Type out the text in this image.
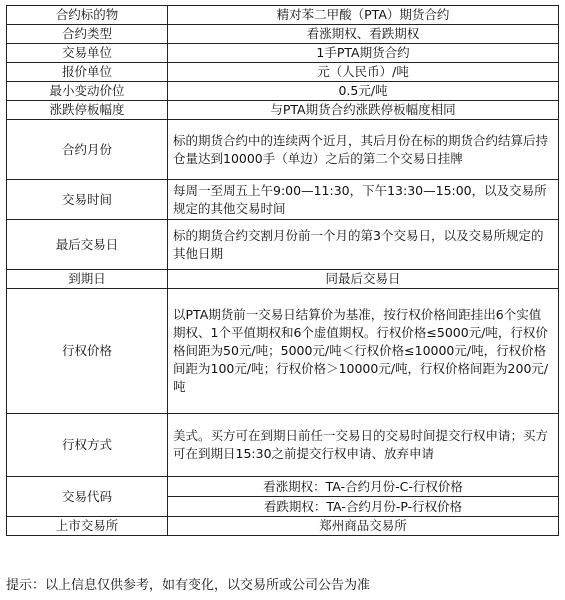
合约标的物	精对苯二甲酸（PTA）期货合约
合约类型	看涨期权、看跌期权
交易单位	1手PTA期货合约
报价单位	元（人民币）/吨
最小变动价位	0.5元/吨
涨跌停板幅度	与PTA期货合约涨跌停板幅度相同
合约月份	标的期货合约中的连续两个近月，其后月份在标的期货合约结算后持仓量达到10000手（单边）之后的第二个交易日挂牌
交易时间	每周一至周五上午9:00—11:30，下午13:30—15:00，以及交易所规定的其他交易时间
最后交易日	标的期货合约交割月份前一个月的第3个交易日，以及交易所规定的其他日期
到期日	同最后交易日
行权价格	以PTA期货前一交易日结算价为基准，按行权价格间距挂出6个实值期权、1个平值期权和6个虚值期权。行权价格≤5000元/吨，行权价格间距为50元/吨；5000元/吨＜行权价格≤10000元/吨，行权价格间距为100元/吨；行权价格＞10000元/吨，行权价格间距为200元/吨
行权方式	美式。买方可在到期日前任一交易日的交易时间提交行权申请；买方可在到期日15:30之前提交行权申请、放弃申请
交易代码	看涨期权：TA-合约月份-C-行权价格
	看跌期权：TA-合约月份-P-行权价格
上市交易所	郑州商品交易所
提示：以上信息仅供参考，如有变化，以交易所或公司公告为准
